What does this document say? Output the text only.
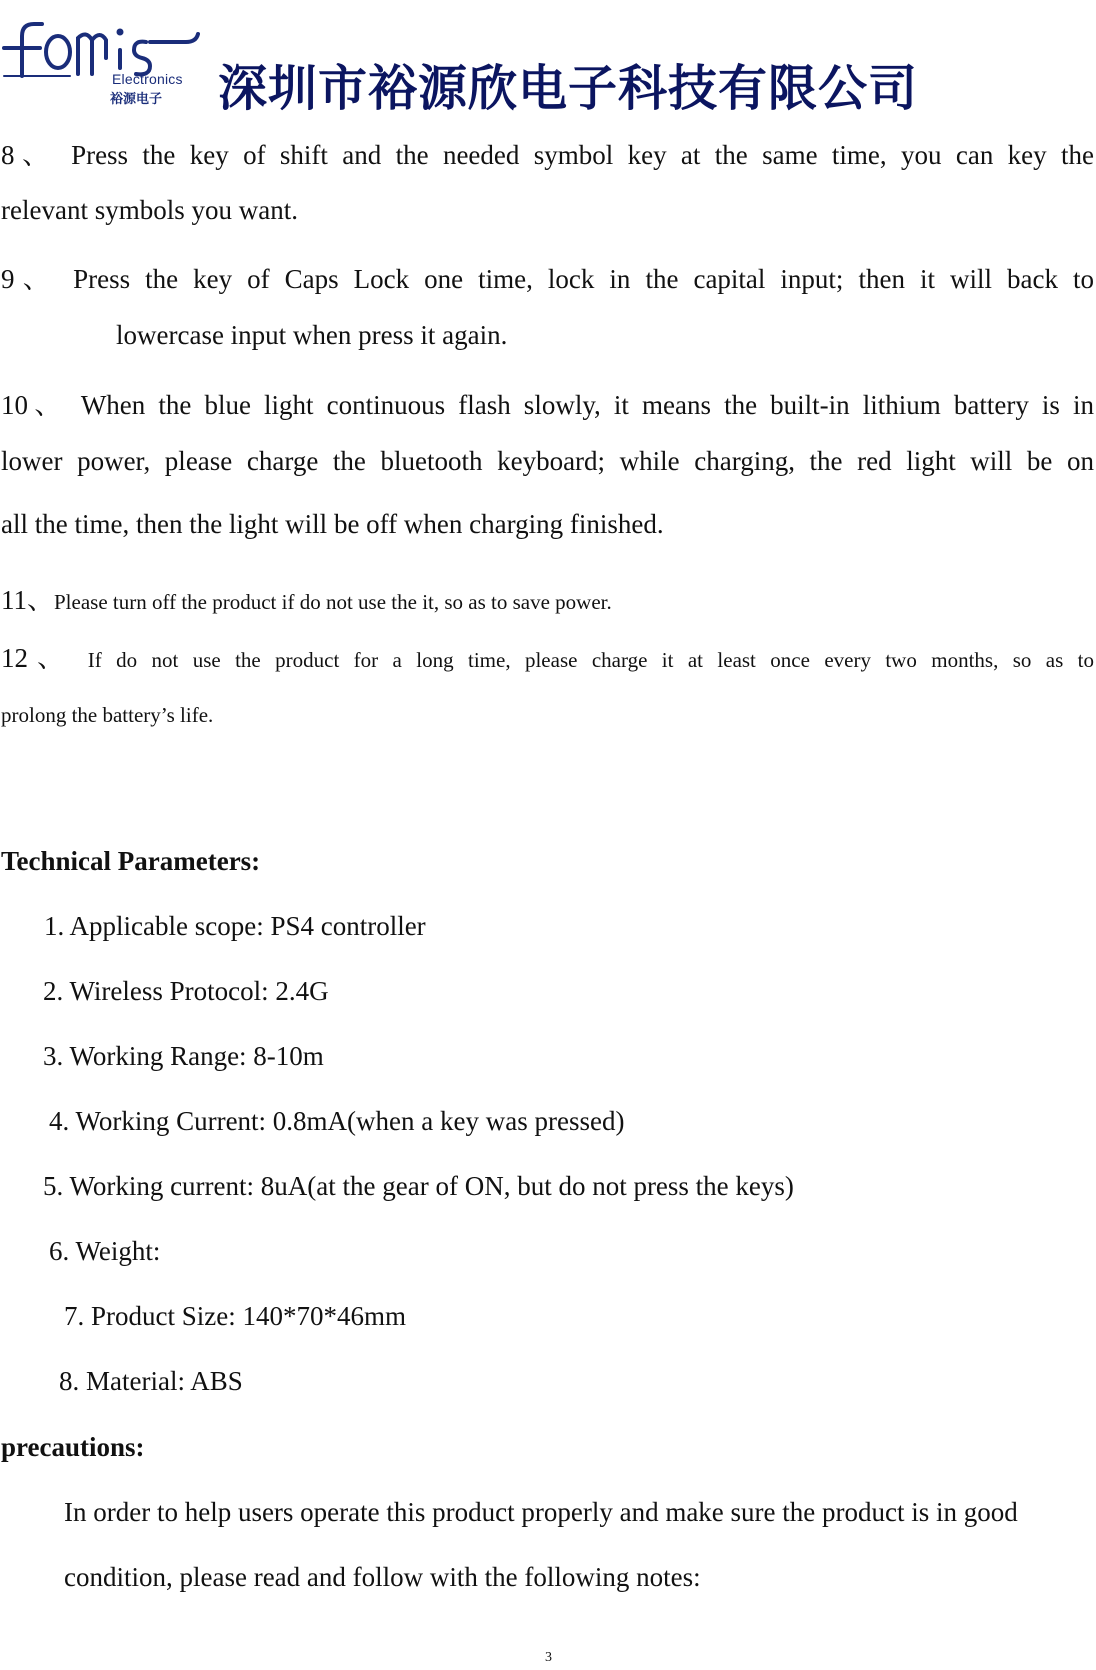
Electronics
裕源电子 深圳市裕源欣电子科技有限公司
8、 Press the key of shift and the needed symbol key at the same time, you can key the
relevant symbols you want.
9、 Press the key of Caps Lock one time, lock in the capital input; then it will back to
lowercase input when press it again.
10、 When the blue light continuous flash slowly, it means the built-in lithium battery is in
lower power, please charge the bluetooth keyboard; while charging, the red light will be on
all the time, then the light will be off when charging finished.
11、Please turn off the product if do not use the it, so as to save power.
12、 If do not use the product for a long time, please charge it at least once every two months, so as to
prolong the battery’s life.
Technical Parameters:
1. Applicable scope: PS4 controller
2. Wireless Protocol: 2.4G
3. Working Range: 8-10m
4. Working Current: 0.8mA(when a key was pressed)
5. Working current: 8uA(at the gear of ON, but do not press the keys)
6. Weight:
7. Product Size: 140*70*46mm
8. Material: ABS
precautions:
In order to help users operate this product properly and make sure the product is in good
condition, please read and follow with the following notes:
3
